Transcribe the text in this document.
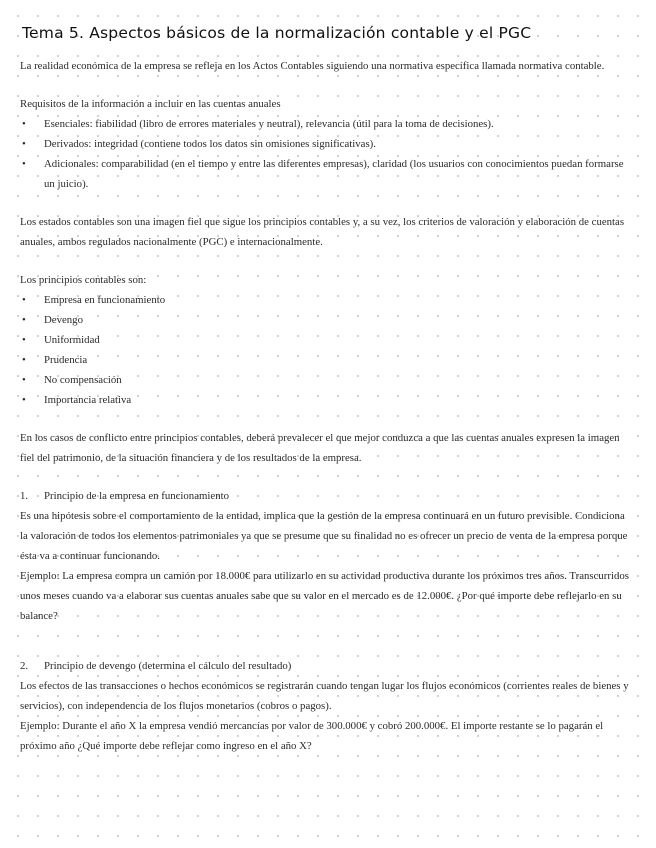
Tema 5. Aspectos básicos de la normalización contable y el PGC

La realidad económica de la empresa se refleja en los Actos Contables siguiendo una normativa específica llamada normativa contable.

Requisitos de la información a incluir en las cuentas anuales

• Esenciales: fiabilidad (libro de errores materiales y neutral), relevancia (útil para la toma de decisiones).
• Derivados: integridad (contiene todos los datos sin omisiones significativas).
• Adicionales: comparabilidad (en el tiempo y entre las diferentes empresas), claridad (los usuarios con conocimientos puedan formarse un juicio).

Los estados contables son una imagen fiel que sigue los principios contables y, a su vez, los criterios de valoración y elaboración de cuentas anuales, ambos regulados nacionalmente (PGC) e internacionalmente.

Los principios contables son:

• Empresa en funcionamiento
• Devengo
• Uniformidad
• Prudencia
• No compensación
• Importancia relativa

En los casos de conflicto entre principios contables, deberá prevalecer el que mejor conduzca a que las cuentas anuales expresen la imagen fiel del patrimonio, de la situación financiera y de los resultados de la empresa.

1. Principio de la empresa en funcionamiento

Es una hipótesis sobre el comportamiento de la entidad, implica que la gestión de la empresa continuará en un futuro previsible. Condiciona la valoración de todos los elementos patrimoniales ya que se presume que su finalidad no es ofrecer un precio de venta de la empresa porque ésta va a continuar funcionando.

Ejemplo: La empresa compra un camión por 18.000€ para utilizarlo en su actividad productiva durante los próximos tres años. Transcurridos unos meses cuando va a elaborar sus cuentas anuales sabe que su valor en el mercado es de 12.000€. ¿Por qué importe debe reflejarlo en su balance?

2. Principio de devengo (determina el cálculo del resultado)

Los efectos de las transacciones o hechos económicos se registrarán cuando tengan lugar los flujos económicos (corrientes reales de bienes y servicios), con independencia de los flujos monetarios (cobros o pagos).

Ejemplo: Durante el año X la empresa vendió mercancías por valor de 300.000€ y cobró 200.000€. El importe restante se lo pagarán el próximo año ¿Qué importe debe reflejar como ingreso en el año X?
